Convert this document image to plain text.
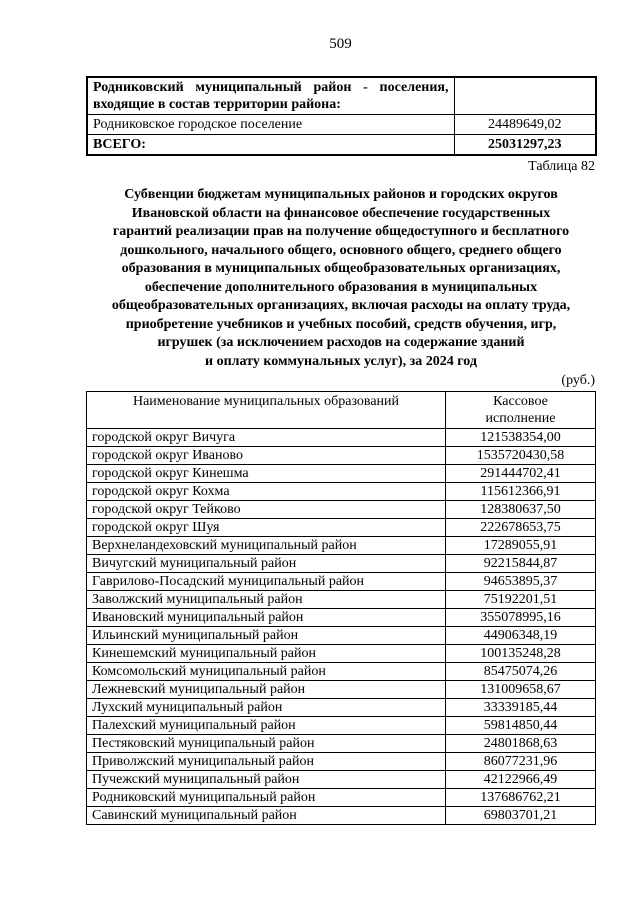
509
Родниковский муниципальный район - поселения, входящие в состав территории района:	
Родниковское городское поселение	24489649,02
ВСЕГО:	25031297,23
Таблица 82
Субвенции бюджетам муниципальных районов и городских округов
Ивановской области на финансовое обеспечение государственных
гарантий реализации прав на получение общедоступного и бесплатного
дошкольного, начального общего, основного общего, среднего общего
образования в муниципальных общеобразовательных организациях,
обеспечение дополнительного образования в муниципальных
общеобразовательных организациях, включая расходы на оплату труда,
приобретение учебников и учебных пособий, средств обучения, игр,
игрушек (за исключением расходов на содержание зданий
и оплату коммунальных услуг), за 2024 год
(руб.)
Наименование муниципальных образований	Кассовое исполнение

городской округ Вичуга	121538354,00
городской округ Иваново	1535720430,58
городской округ Кинешма	291444702,41
городской округ Кохма	115612366,91
городской округ Тейково	128380637,50
городской округ Шуя	222678653,75
Верхнеландеховский муниципальный район	17289055,91
Вичугский муниципальный район	92215844,87
Гаврилово-Посадский муниципальный район	94653895,37
Заволжский муниципальный район	75192201,51
Ивановский муниципальный район	355078995,16
Ильинский муниципальный район	44906348,19
Кинешемский муниципальный район	100135248,28
Комсомольский муниципальный район	85475074,26
Лежневский муниципальный район	131009658,67
Лухский муниципальный район	33339185,44
Палехский муниципальный район	59814850,44
Пестяковский муниципальный район	24801868,63
Приволжский муниципальный район	86077231,96
Пучежский муниципальный район	42122966,49
Родниковский муниципальный район	137686762,21
Савинский муниципальный район	69803701,21
